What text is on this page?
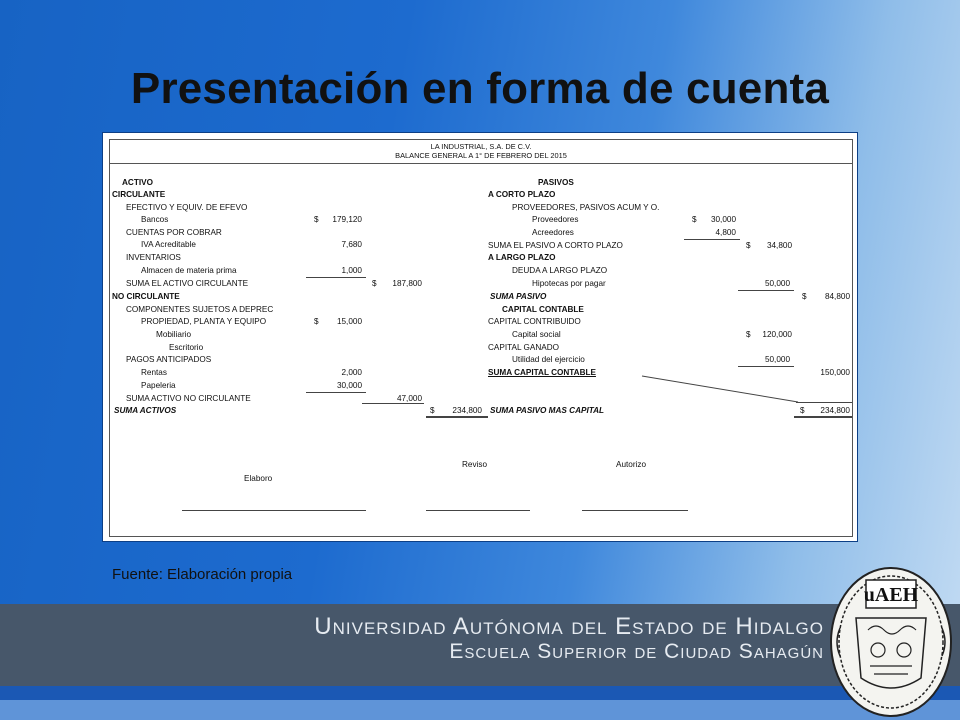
Presentación en forma de cuenta
LA INDUSTRIAL, S.A. DE C.V.
BALANCE GENERAL A 1° DE FEBRERO DEL 2015
ACTIVO
CIRCULANTE
EFECTIVO Y EQUIV. DE EFEVO
Bancos	$	179,120
CUENTAS POR COBRAR
IVA Acreditable	7,680
INVENTARIOS
Almacen de materia prima	1,000
SUMA EL ACTIVO CIRCULANTE	$	187,800
NO CIRCULANTE
COMPONENTES SUJETOS A DEPREC
PROPIEDAD, PLANTA Y EQUIPO	$	15,000
Mobiliario
Escritorio
PAGOS ANTICIPADOS
Rentas	2,000
Papeleria	30,000
SUMA ACTIVO NO CIRCULANTE	47,000
SUMA ACTIVOS	$	234,800
PASIVOS
A CORTO PLAZO
PROVEEDORES, PASIVOS ACUM Y O.
Proveedores	$	30,000
Acreedores	4,800
SUMA EL PASIVO A CORTO PLAZO	$	34,800
A LARGO PLAZO
DEUDA A LARGO PLAZO
Hipotecas por pagar	50,000
SUMA PASIVO	$	84,800
CAPITAL CONTABLE
CAPITAL CONTRIBUIDO
Capital social	$	120,000
CAPITAL GANADO
Utilidad del ejercicio	50,000
SUMA CAPITAL CONTABLE	150,000
SUMA PASIVO MAS CAPITAL	$	234,800
Reviso	Autorizo
Elaboro
Fuente: Elaboración propia
Universidad Autónoma del Estado de Hidalgo
Escuela Superior de Ciudad Sahagún
uAEH
